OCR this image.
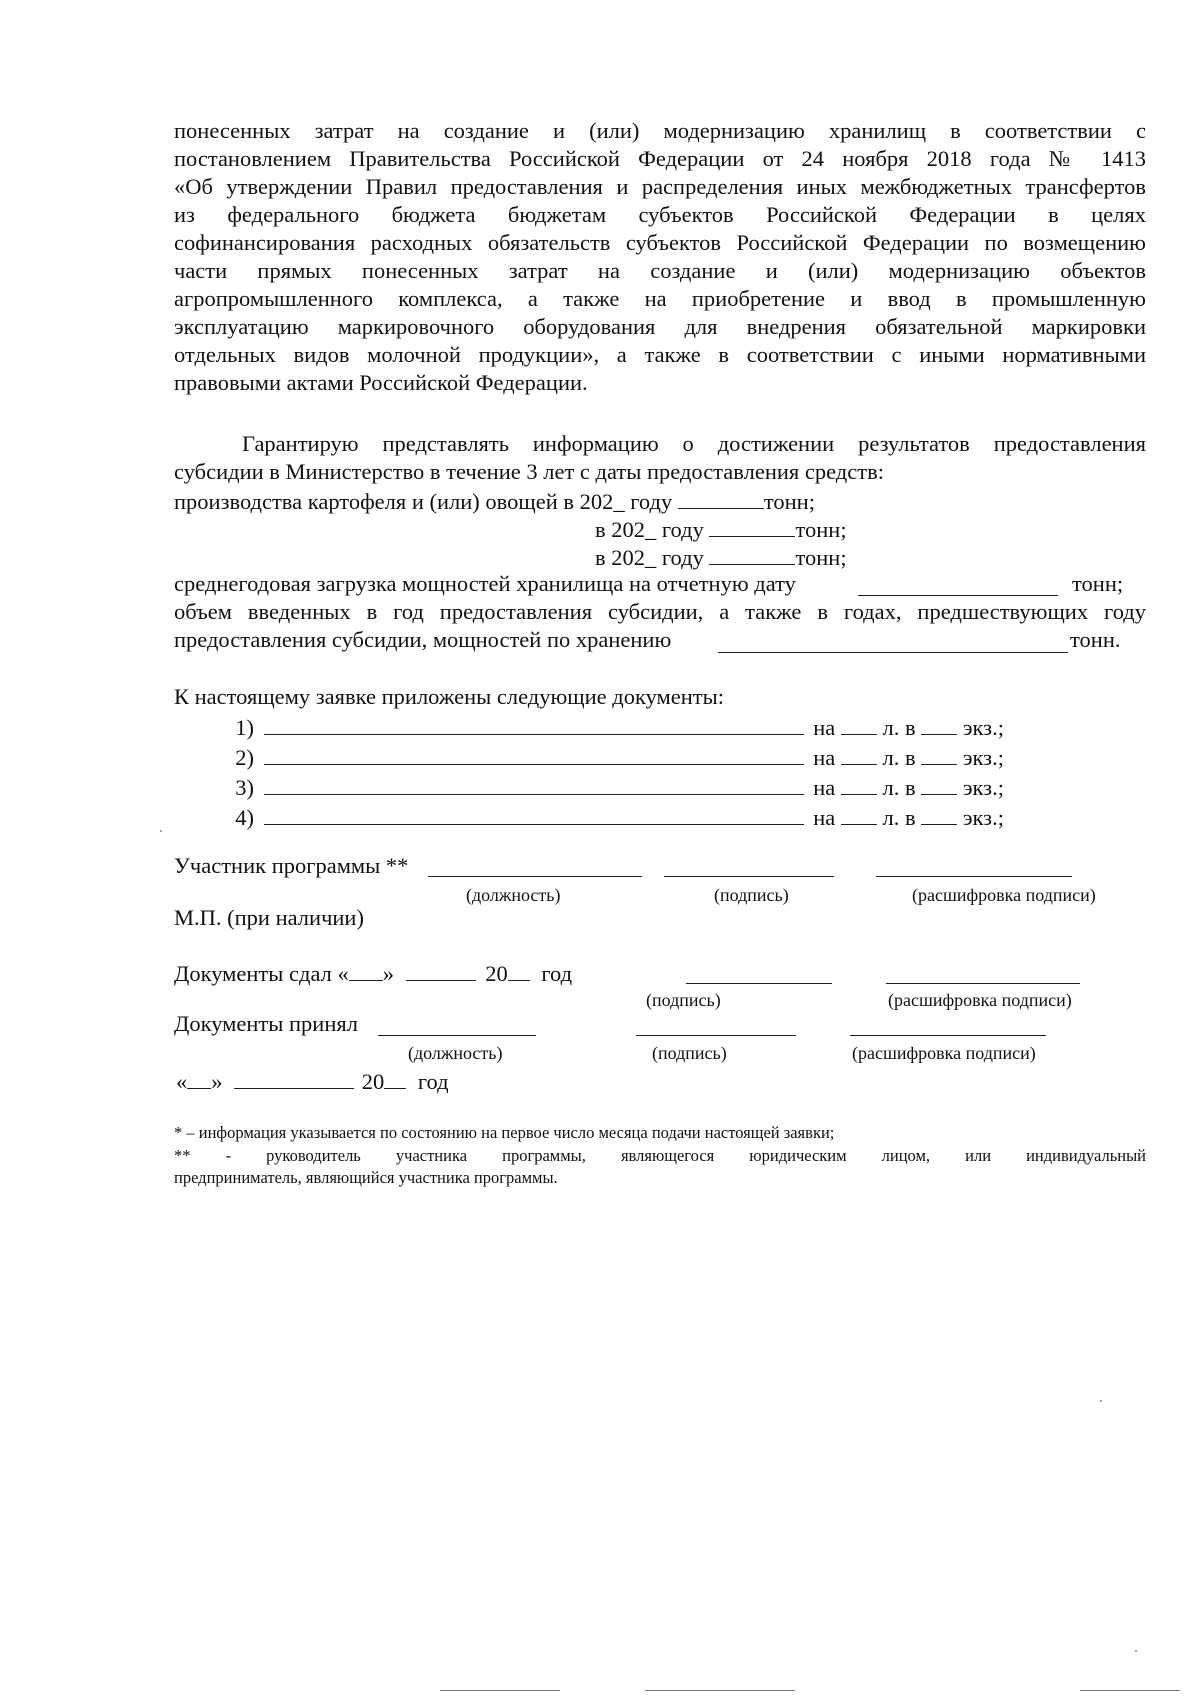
понесенных затрат на создание и (или) модернизацию хранилищ в соответствии с
постановлением Правительства Российской Федерации от 24 ноября 2018 года № 1413
«Об утверждении Правил предоставления и распределения иных межбюджетных трансфертов
из федерального бюджета бюджетам субъектов Российской Федерации в целях
софинансирования расходных обязательств субъектов Российской Федерации по возмещению
части прямых понесенных затрат на создание и (или) модернизацию объектов
агропромышленного комплекса, а также на приобретение и ввод в промышленную
эксплуатацию маркировочного оборудования для внедрения обязательной маркировки
отдельных видов молочной продукции», а также в соответствии с иными нормативными
правовыми актами Российской Федерации.
Гарантирую представлять информацию о достижении результатов предоставления
субсидии в Министерство в течение 3 лет с даты предоставления средств:
производства картофеля и (или) овощей в 202_ году	тонн;
в 202_ году	тонн;
в 202_ году	тонн;
среднегодовая загрузка мощностей хранилища на отчетную дату	тонн;
объем введенных в год предоставления субсидии, а также в годах, предшествующих году
предоставления субсидии, мощностей по хранению	тонн.
К настоящему заявке приложены следующие документы:
1)	на л. в экз.;
2)	на л. в экз.;
3)	на л. в экз.;
4)	на л. в экз.;
Участник программы **
(должность)	(подпись)	(расшифровка подписи)
М.П. (при наличии)
Документы сдал « »	20 год
(подпись)	(расшифровка подписи)
Документы принял
(должность)	(подпись)	(расшифровка подписи)
« »	20 год
* – информация указывается по состоянию на первое число месяца подачи настоящей заявки;
** - руководитель участника программы, являющегося юридическим лицом, или индивидуальный
предприниматель, являющийся участника программы.
